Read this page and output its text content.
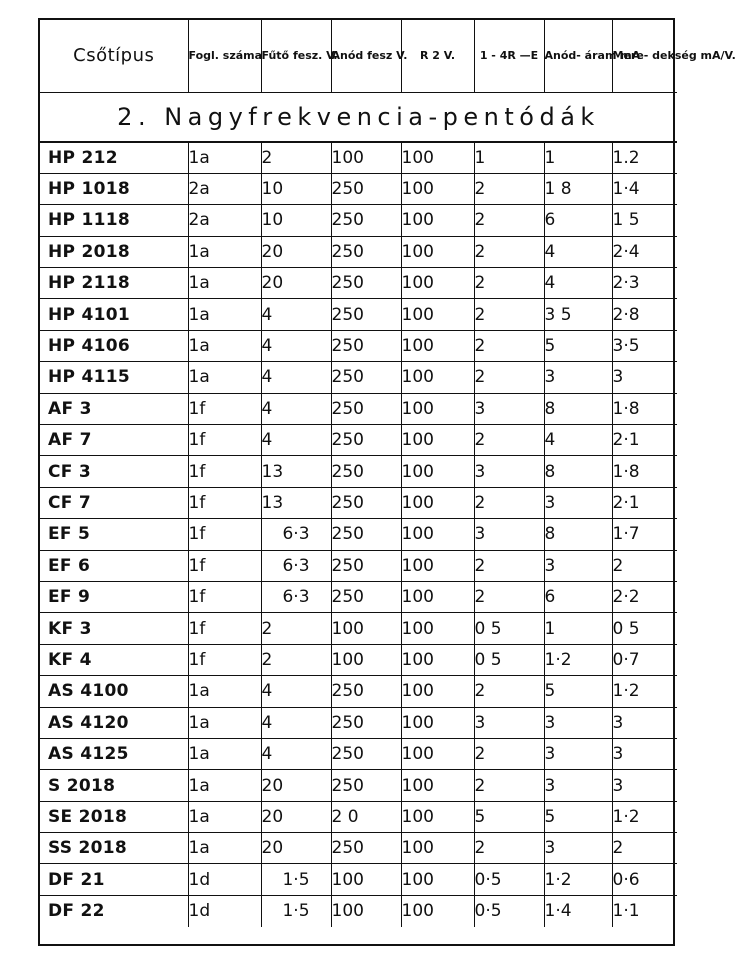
Csőtípus	Fogl. száma	Fűtő fesz. V.	Anód fesz V.	R 2 V.	1 - 4R —E	Anód- áram mA	Mere- dekség mA/V.
2. Nagyfrekvencia-pentódák							
HP 212	1a	2	100	100	1	1	1.2
HP 1018	2a	10	250	100	2	1 8	1·4
HP 1118	2a	10	250	100	2	6	1 5
HP 2018	1a	20	250	100	2	4	2·4
HP 2118	1a	20	250	100	2	4	2·3
HP 4101	1a	4	250	100	2	3 5	2·8
HP 4106	1a	4	250	100	2	5	3·5
HP 4115	1a	4	250	100	2	3	3
AF 3	1f	4	250	100	3	8	1·8
AF 7	1f	4	250	100	2	4	2·1
CF 3	1f	13	250	100	3	8	1·8
CF 7	1f	13	250	100	2	3	2·1
EF 5	1f	6·3	250	100	3	8	1·7
EF 6	1f	6·3	250	100	2	3	2
EF 9	1f	6·3	250	100	2	6	2·2
KF 3	1f	2	100	100	0 5	1	0 5
KF 4	1f	2	100	100	0 5	1·2	0·7
AS 4100	1a	4	250	100	2	5	1·2
AS 4120	1a	4	250	100	3	3	3
AS 4125	1a	4	250	100	2	3	3
S 2018	1a	20	250	100	2	3	3
SE 2018	1a	20	2 0	100	5	5	1·2
SS 2018	1a	20	250	100	2	3	2
DF 21	1d	1·5	100	100	0·5	1·2	0·6
DF 22	1d	1·5	100	100	0·5	1·4	1·1
